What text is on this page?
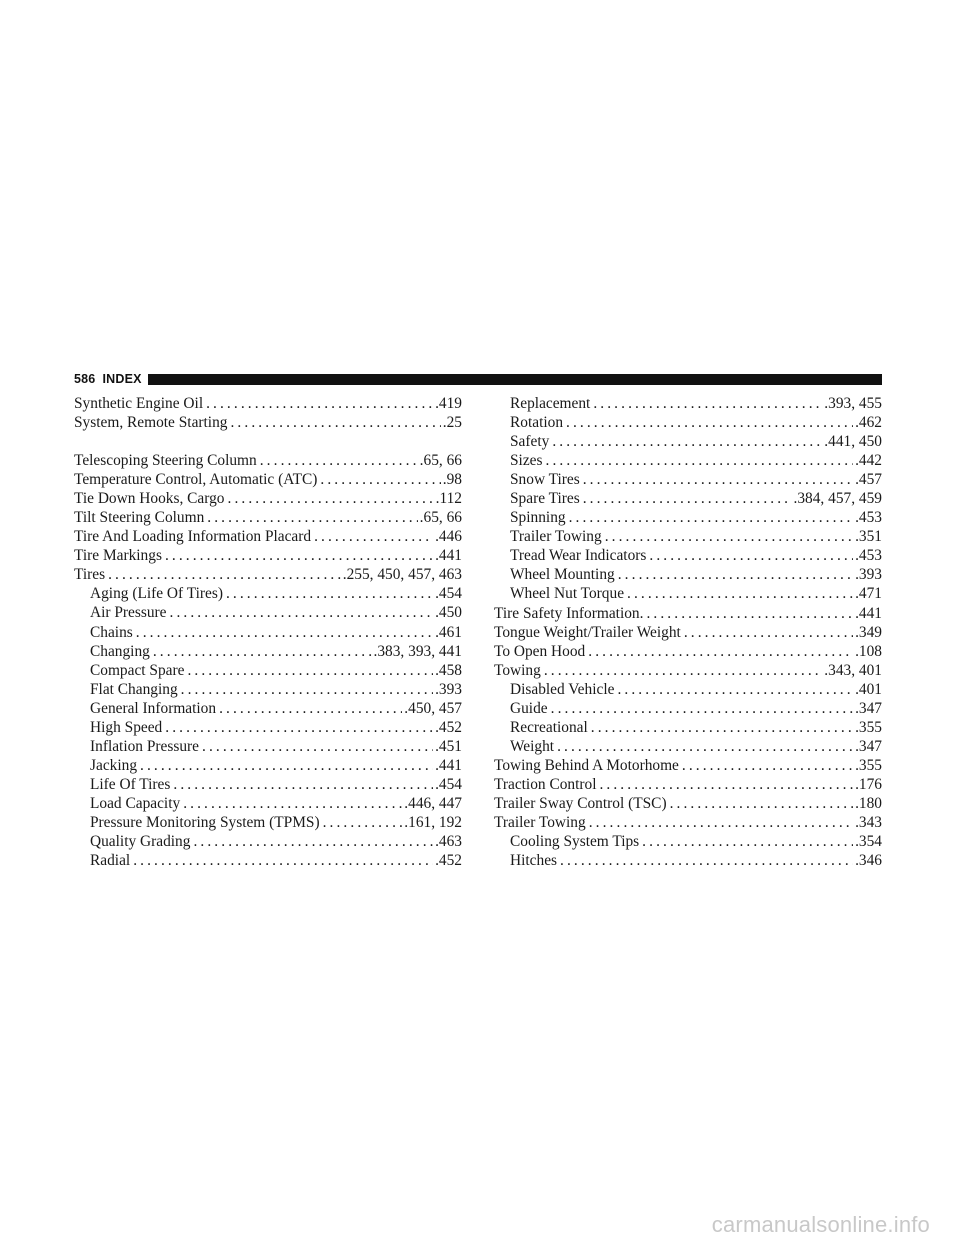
586 INDEX
Synthetic Engine Oil .....	.419
System, Remote Starting .....	.25
Telescoping Steering Column .....	.65, 66
Temperature Control, Automatic (ATC) .....	.98
Tie Down Hooks, Cargo .....	.112
Tilt Steering Column .....	.65, 66
Tire And Loading Information Placard .....	.446
Tire Markings .....	.441
Tires .....	.255, 450, 457, 463
Aging (Life Of Tires) .....	.454
Air Pressure .....	.450
Chains .....	.461
Changing .....	.383, 393, 441
Compact Spare .....	.458
Flat Changing .....	.393
General Information .....	.450, 457
High Speed .....	.452
Inflation Pressure .....	.451
Jacking .....	.441
Life Of Tires .....	.454
Load Capacity .....	.446, 447
Pressure Monitoring System (TPMS) .....	.161, 192
Quality Grading .....	.463
Radial .....	.452
Replacement .....	.393, 455
Rotation .....	.462
Safety .....	.441, 450
Sizes .....	.442
Snow Tires .....	.457
Spare Tires .....	.384, 457, 459
Spinning .....	.453
Trailer Towing .....	.351
Tread Wear Indicators .....	.453
Wheel Mounting .....	.393
Wheel Nut Torque .....	.471
Tire Safety Information. .....	.441
Tongue Weight/Trailer Weight .....	.349
To Open Hood .....	.108
Towing .....	.343, 401
Disabled Vehicle .....	.401
Guide .....	.347
Recreational .....	.355
Weight .....	.347
Towing Behind A Motorhome .....	.355
Traction Control .....	.176
Trailer Sway Control (TSC) .....	.180
Trailer Towing .....	.343
Cooling System Tips .....	.354
Hitches .....	.346
carmanualsonline.info
